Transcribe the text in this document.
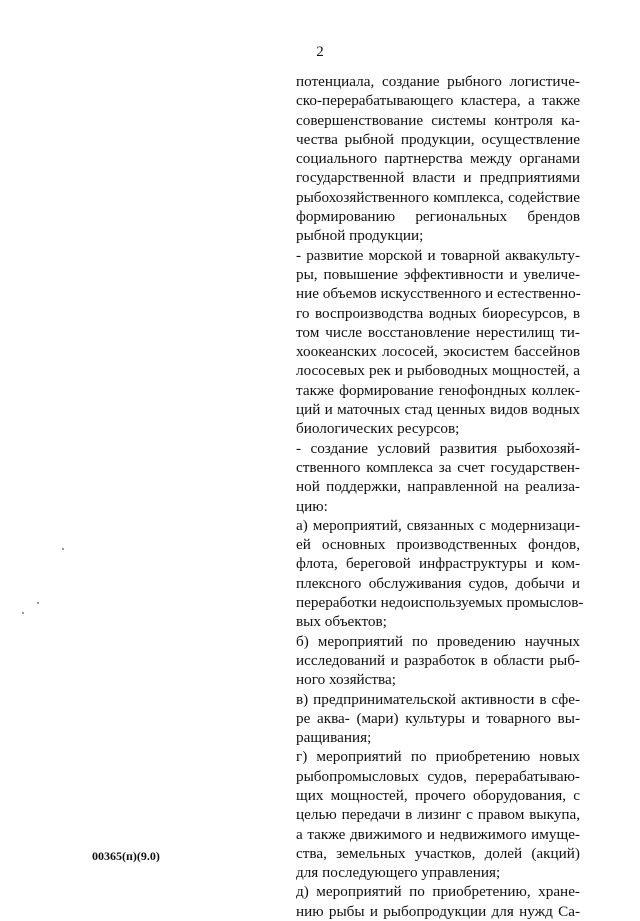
2
потенциала, создание рыбного логистиче-
ско-перерабатывающего кластера, а также
совершенствование системы контроля ка-
чества рыбной продукции, осуществление
социального партнерства между органами
государственной власти и предприятиями
рыбохозяйственного комплекса, содействие
формированию региональных брендов
рыбной продукции;
- развитие морской и товарной аквакульту-
ры, повышение эффективности и увеличе-
ние объемов искусственного и естественно-
го воспроизводства водных биоресурсов, в
том числе восстановление нерестилищ ти-
хоокеанских лососей, экосистем бассейнов
лососевых рек и рыбоводных мощностей, а
также формирование генофондных коллек-
ций и маточных стад ценных видов водных
биологических ресурсов;
- создание условий развития рыбохозяй-
ственного комплекса за счет государствен-
ной поддержки, направленной на реализа-
цию:
а) мероприятий, связанных с модернизаци-
ей основных производственных фондов,
флота, береговой инфраструктуры и ком-
плексного обслуживания судов, добычи и
переработки недоиспользуемых промыслов-
вых объектов;
б) мероприятий по проведению научных
исследований и разработок в области рыб-
ного хозяйства;
в) предпринимательской активности в сфе-
ре аква- (мари) культуры и товарного вы-
ращивания;
г) мероприятий по приобретению новых
рыбопромысловых судов, перерабатываю-
щих мощностей, прочего оборудования, с
целью передачи в лизинг с правом выкупа,
а также движимого и недвижимого имуще-
ства, земельных участков, долей (акций)
для последующего управления;
д) мероприятий по приобретению, хране-
нию рыбы и рыбопродукции для нужд Са-
00365(п)(9.0)
